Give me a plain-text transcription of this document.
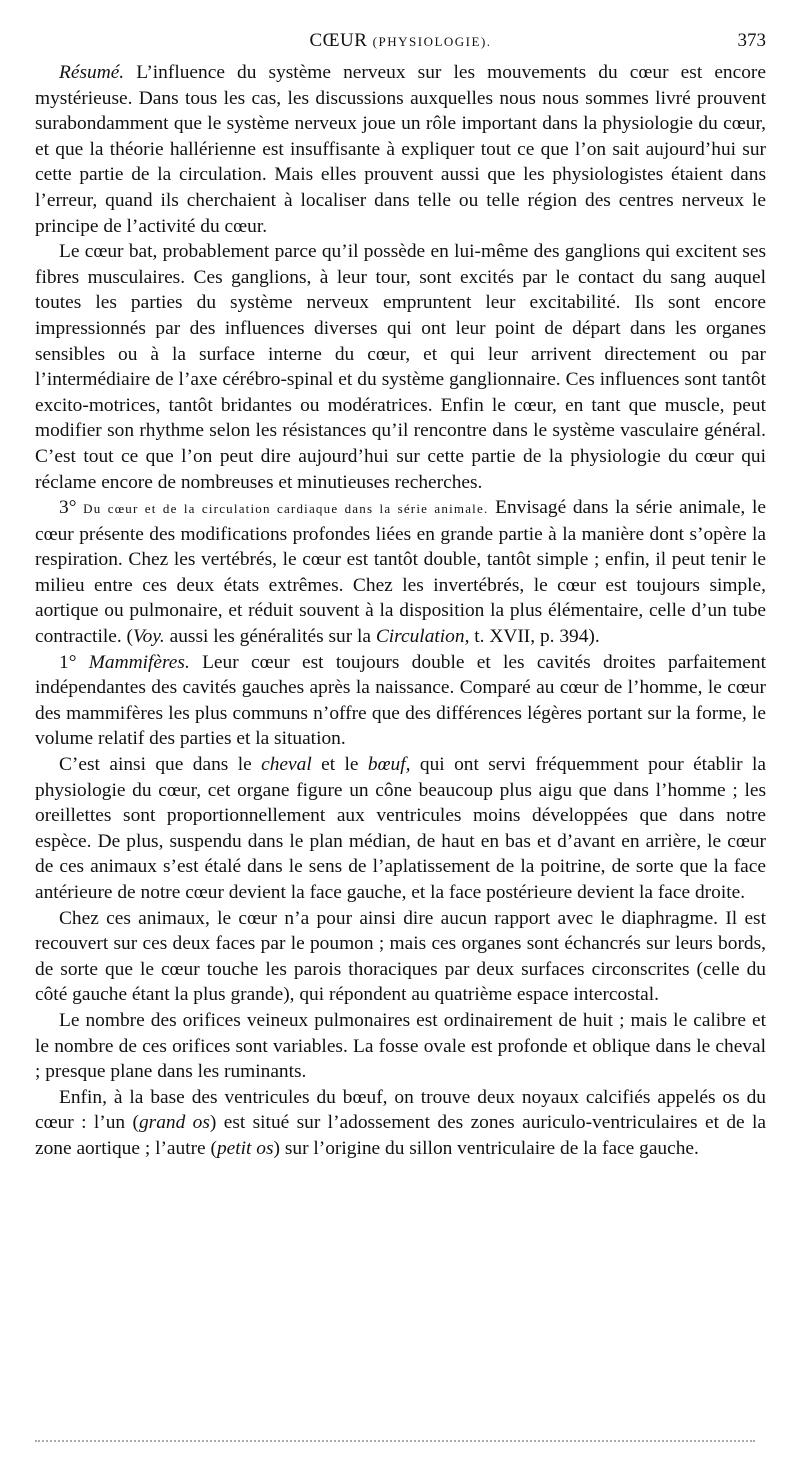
CŒUR (PHYSIOLOGIE).	373

Résumé. L’influence du système nerveux sur les mouvements du cœur est encore mystérieuse. Dans tous les cas, les discussions auxquelles nous nous sommes livré prouvent surabondamment que le système nerveux joue un rôle important dans la physiologie du cœur, et que la théorie hallérienne est insuffisante à expliquer tout ce que l’on sait aujourd’hui sur cette partie de la circulation. Mais elles prouvent aussi que les physiologistes étaient dans l’erreur, quand ils cherchaient à localiser dans telle ou telle région des centres nerveux le principe de l’activité du cœur.

Le cœur bat, probablement parce qu’il possède en lui-même des ganglions qui excitent ses fibres musculaires. Ces ganglions, à leur tour, sont excités par le contact du sang auquel toutes les parties du système nerveux empruntent leur excitabilité. Ils sont encore impressionnés par des influences diverses qui ont leur point de départ dans les organes sensibles ou à la surface interne du cœur, et qui leur arrivent directement ou par l’intermédiaire de l’axe cérébro-spinal et du système ganglionnaire. Ces influences sont tantôt excito-motrices, tantôt bridantes ou modératrices. Enfin le cœur, en tant que muscle, peut modifier son rhythme selon les résistances qu’il rencontre dans le système vasculaire général. C’est tout ce que l’on peut dire aujourd’hui sur cette partie de la physiologie du cœur qui réclame encore de nombreuses et minutieuses recherches.

3° Du cœur et de la circulation cardiaque dans la série animale. Envisagé dans la série animale, le cœur présente des modifications profondes liées en grande partie à la manière dont s’opère la respiration. Chez les vertébrés, le cœur est tantôt double, tantôt simple ; enfin, il peut tenir le milieu entre ces deux états extrêmes. Chez les invertébrés, le cœur est toujours simple, aortique ou pulmonaire, et réduit souvent à la disposition la plus élémentaire, celle d’un tube contractile. (Voy. aussi les généralités sur la Circulation, t. XVII, p. 394).

1° Mammifères. Leur cœur est toujours double et les cavités droites parfaitement indépendantes des cavités gauches après la naissance. Comparé au cœur de l’homme, le cœur des mammifères les plus communs n’offre que des différences légères portant sur la forme, le volume relatif des parties et la situation.

C’est ainsi que dans le cheval et le bœuf, qui ont servi fréquemment pour établir la physiologie du cœur, cet organe figure un cône beaucoup plus aigu que dans l’homme ; les oreillettes sont proportionnellement aux ventricules moins développées que dans notre espèce. De plus, suspendu dans le plan médian, de haut en bas et d’avant en arrière, le cœur de ces animaux s’est étalé dans le sens de l’aplatissement de la poitrine, de sorte que la face antérieure de notre cœur devient la face gauche, et la face postérieure devient la face droite.

Chez ces animaux, le cœur n’a pour ainsi dire aucun rapport avec le diaphragme. Il est recouvert sur ces deux faces par le poumon ; mais ces organes sont échancrés sur leurs bords, de sorte que le cœur touche les parois thoraciques par deux surfaces circonscrites (celle du côté gauche étant la plus grande), qui répondent au quatrième espace intercostal.

Le nombre des orifices veineux pulmonaires est ordinairement de huit ; mais le calibre et le nombre de ces orifices sont variables. La fosse ovale est profonde et oblique dans le cheval ; presque plane dans les ruminants.

Enfin, à la base des ventricules du bœuf, on trouve deux noyaux calcifiés appelés os du cœur : l’un (grand os) est situé sur l’adossement des zones auriculo-ventriculaires et de la zone aortique ; l’autre (petit os) sur l’origine du sillon ventriculaire de la face gauche.
